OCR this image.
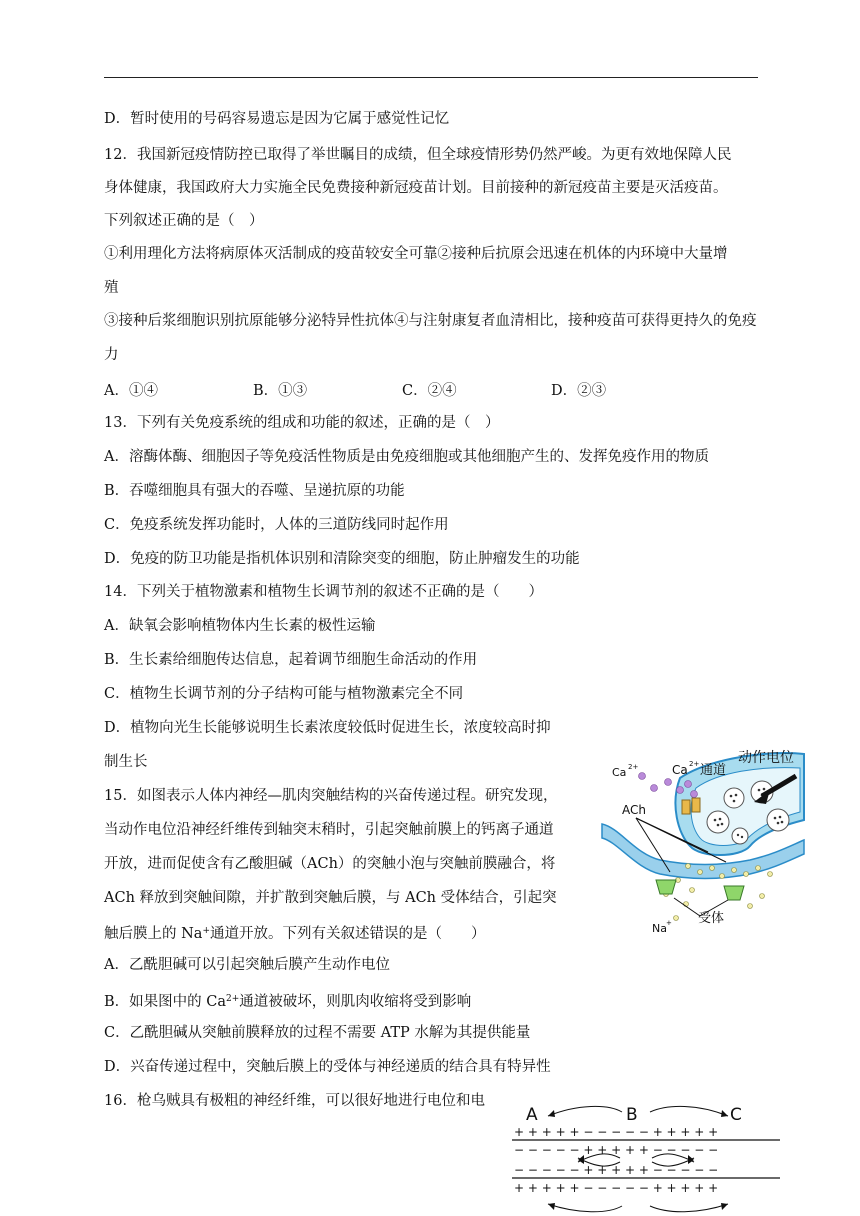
D．暂时使用的号码容易遗忘是因为它属于感觉性记忆
12．我国新冠疫情防控已取得了举世瞩目的成绩，但全球疫情形势仍然严峻。为更有效地保障人民
身体健康，我国政府大力实施全民免费接种新冠疫苗计划。目前接种的新冠疫苗主要是灭活疫苗。
下列叙述正确的是（　）
①利用理化方法将病原体灭活制成的疫苗较安全可靠②接种后抗原会迅速在机体的内环境中大量增
殖
③接种后浆细胞识别抗原能够分泌特异性抗体④与注射康复者血清相比，接种疫苗可获得更持久的免疫
力
A．①④	B．①③	C．②④	D．②③
13．下列有关免疫系统的组成和功能的叙述，正确的是（　）
A．溶酶体酶、细胞因子等免疫活性物质是由免疫细胞或其他细胞产生的、发挥免疫作用的物质
B．吞噬细胞具有强大的吞噬、呈递抗原的功能
C．免疫系统发挥功能时，人体的三道防线同时起作用
D．免疫的防卫功能是指机体识别和清除突变的细胞，防止肿瘤发生的功能
14．下列关于植物激素和植物生长调节剂的叙述不正确的是（　　）
A．缺氧会影响植物体内生长素的极性运输
B．生长素给细胞传达信息，起着调节细胞生命活动的作用
C．植物生长调节剂的分子结构可能与植物激素完全不同
D．植物向光生长能够说明生长素浓度较低时促进生长，浓度较高时抑
制生长
15．如图表示人体内神经—肌肉突触结构的兴奋传递过程。研究发现，
当动作电位沿神经纤维传到轴突末稍时，引起突触前膜上的钙离子通道
开放，进而促使含有乙酸胆碱（ACh）的突触小泡与突触前膜融合，将
ACh 释放到突触间隙，并扩散到突触后膜，与 ACh 受体结合，引起突
触后膜上的 Na+通道开放。下列有关叙述错误的是（　　）
A．乙酰胆碱可以引起突触后膜产生动作电位
B．如果图中的 $Ca^{2+}$通道被破坏，则肌肉收缩将受到影响
C．乙酰胆碱从突触前膜释放的过程不需要 ATP 水解为其提供能量
D．兴奋传递过程中，突触后膜上的受体与神经递质的结合具有特异性
16．枪乌贼具有极粗的神经纤维，可以很好地进行电位和电
动作电位
Ca 2+	Ca 2+ 通道
ACh
受体
Na +
A	B	C
+ + + + + − − − − − + + + + +
− − − − − + + + + + − − − − −
− − − − − + + + + + − − − − −
+ + + + + − − − − − + + + + +
